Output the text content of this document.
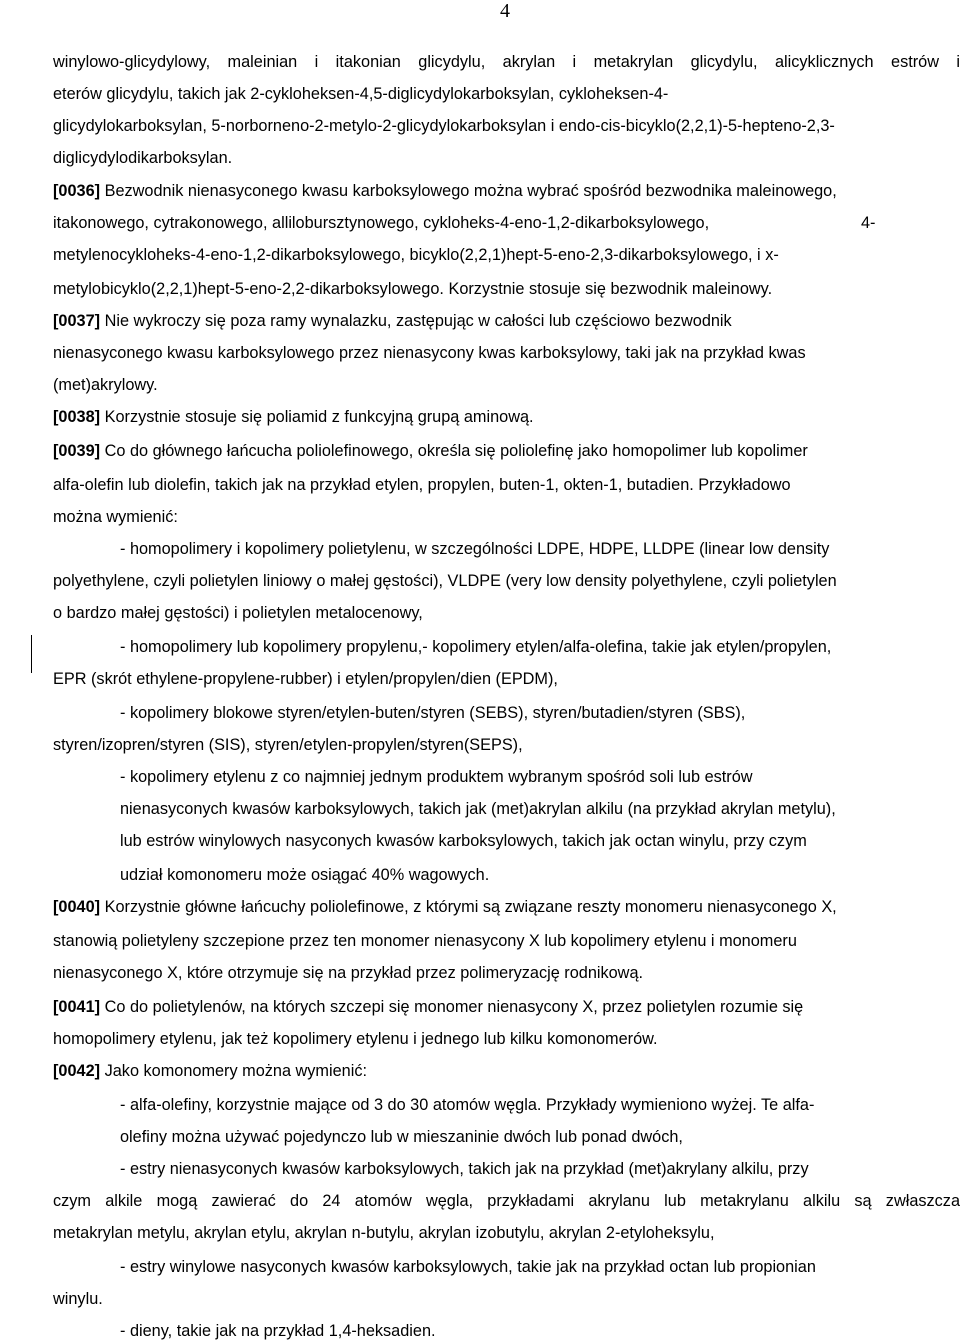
4
winylowo-glicydylowy, maleinian i itakonian glicydylu, akrylan i metakrylan glicydylu, alicyklicznych estrów i
eterów glicydylu, takich jak 2-cykloheksen-4,5-diglicydylokarboksylan, cykloheksen-4-
glicydylokarboksylan, 5-norborneno-2-metylo-2-glicydylokarboksylan i endo-cis-bicyklo(2,2,1)-5-hepteno-2,3-
diglicydylodikarboksylan.
[0036] Bezwodnik nienasyconego kwasu karboksylowego można wybrać spośród bezwodnika maleinowego,
itakonowego, cytrakonowego, allilobursztynowego, cykloheks-4-eno-1,2-dikarboksylowego,	4-
metylenocykloheks-4-eno-1,2-dikarboksylowego, bicyklo(2,2,1)hept-5-eno-2,3-dikarboksylowego, i x-
metylobicyklo(2,2,1)hept-5-eno-2,2-dikarboksylowego. Korzystnie stosuje się bezwodnik maleinowy.
[0037] Nie wykroczy się poza ramy wynalazku, zastępując w całości lub częściowo bezwodnik
nienasyconego kwasu karboksylowego przez nienasycony kwas karboksylowy, taki jak na przykład kwas
(met)akrylowy.
[0038] Korzystnie stosuje się poliamid z funkcyjną grupą aminową.
[0039] Co do głównego łańcucha poliolefinowego, określa się poliolefinę jako homopolimer lub kopolimer
alfa-olefin lub diolefin, takich jak na przykład etylen, propylen, buten-1, okten-1, butadien. Przykładowo
można wymienić:
- homopolimery i kopolimery polietylenu, w szczególności LDPE, HDPE, LLDPE (linear low density
polyethylene, czyli polietylen liniowy o małej gęstości), VLDPE (very low density polyethylene, czyli polietylen
o bardzo małej gęstości) i polietylen metalocenowy,
- homopolimery lub kopolimery propylenu,- kopolimery etylen/alfa-olefina, takie jak etylen/propylen,
EPR (skrót ethylene-propylene-rubber) i etylen/propylen/dien (EPDM),
- kopolimery blokowe styren/etylen-buten/styren (SEBS), styren/butadien/styren (SBS),
styren/izopren/styren (SIS), styren/etylen-propylen/styren(SEPS),
- kopolimery etylenu z co najmniej jednym produktem wybranym spośród soli lub estrów
nienasyconych kwasów karboksylowych, takich jak (met)akrylan alkilu (na przykład akrylan metylu),
lub estrów winylowych nasyconych kwasów karboksylowych, takich jak octan winylu, przy czym
udział komonomeru może osiągać 40% wagowych.
[0040] Korzystnie główne łańcuchy poliolefinowe, z którymi są związane reszty monomeru nienasyconego X,
stanowią polietyleny szczepione przez ten monomer nienasycony X lub kopolimery etylenu i monomeru
nienasyconego X, które otrzymuje się na przykład przez polimeryzację rodnikową.
[0041] Co do polietylenów, na których szczepi się monomer nienasycony X, przez polietylen rozumie się
homopolimery etylenu, jak też kopolimery etylenu i jednego lub kilku komonomerów.
[0042] Jako komonomery można wymienić:
- alfa-olefiny, korzystnie mające od 3 do 30 atomów węgla. Przykłady wymieniono wyżej. Te alfa-
olefiny można używać pojedynczo lub w mieszaninie dwóch lub ponad dwóch,
- estry nienasyconych kwasów karboksylowych, takich jak na przykład (met)akrylany alkilu, przy
czym alkile mogą zawierać do 24 atomów węgla, przykładami akrylanu lub metakrylanu alkilu są zwłaszcza
metakrylan metylu, akrylan etylu, akrylan n-butylu, akrylan izobutylu, akrylan 2-etyloheksylu,
- estry winylowe nasyconych kwasów karboksylowych, takie jak na przykład octan lub propionian
winylu.
- dieny, takie jak na przykład 1,4-heksadien.
